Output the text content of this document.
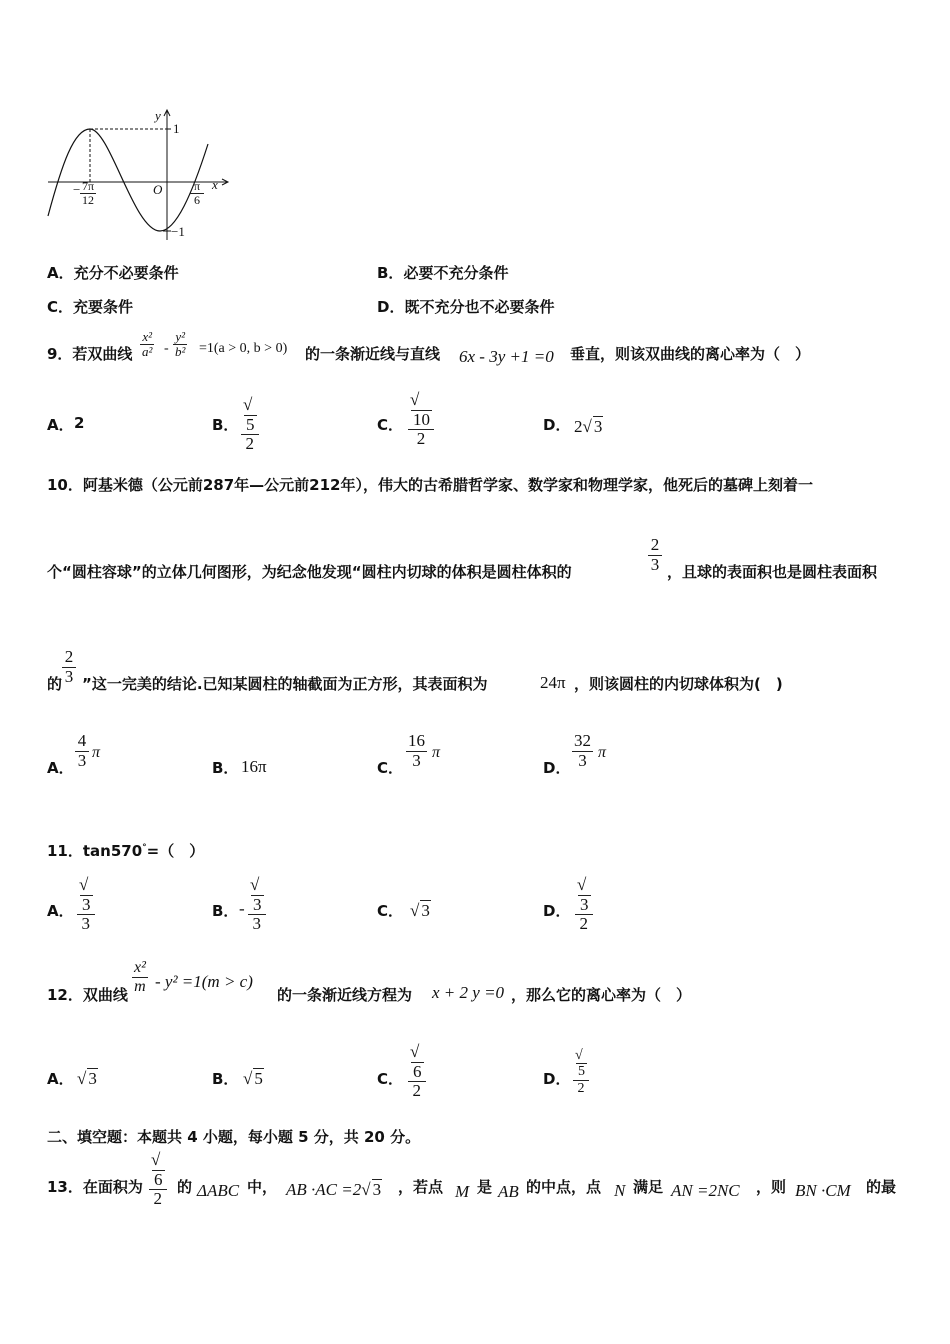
y
x
O
1
−1
− 7π
12
π
6
A．充分不必要条件	B．必要不充分条件
C．充要条件	D．既不充分也不必要条件
9．若双曲线
x²
a² -
y²
b² =1(a > 0, b > 0) 的一条渐近线与直线 6x - 3y +1 =0 垂直，则该双曲线的离心率为（　）
A． 2	B．
√
5
2
C．
√
10
2
D． 2√ 3
10．阿基米德（公元前287年—公元前212年），伟大的古希腊哲学家、数学家和物理学家，他死后的墓碑上刻着一
个“圆柱容球”的立体几何图形，为纪念他发现“圆柱内切球的体积是圆柱体积的
2
3 ，且球的表面积也是圆柱表面积
的
2
3 ”这一完美的结论.已知某圆柱的轴截面为正方形，其表面积为	24π ，则该圆柱的内切球体积为(　)
A．
4
3 π
B． 16π	C．
16
3 π
D．
32
3 π
11．tan570°=（　）
A．
√
3
3
B． -
√
3
3
C． √ 3	D．
√
3
2
12．双曲线
x²
m - y² =1(m > c)
的一条渐近线方程为 x + 2 y =0 ，那么它的离心率为（　）
A． √ 3	B． √ 5	C．
√
6
2
D．
√
5
2
二、填空题：本题共 4 小题，每小题 5 分，共 20 分。
13．在面积为
√
6
2
的 ΔABC 中， AB ·AC =2√ 3 ，若点 M 是 AB 的中点，点 N 满足 AN =2NC ，则 BN ·CM 的最
